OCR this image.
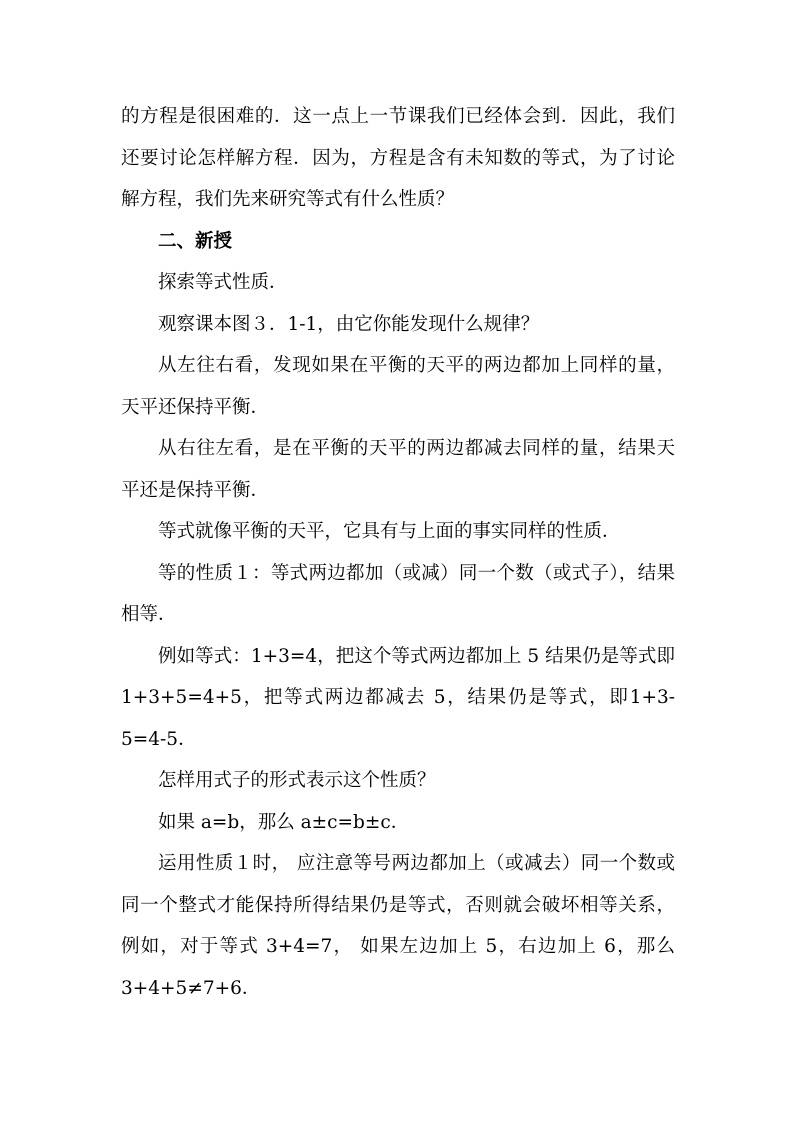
的方程是很困难的．这一点上一节课我们已经体会到．因此，我们还要讨论怎样解方程．因为，方程是含有未知数的等式，为了讨论解方程，我们先来研究等式有什么性质？

二、新授

探索等式性质．

观察课本图３．1-1，由它你能发现什么规律？

从左往右看，发现如果在平衡的天平的两边都加上同样的量，天平还保持平衡．

从右往左看，是在平衡的天平的两边都减去同样的量，结果天平还是保持平衡．

等式就像平衡的天平，它具有与上面的事实同样的性质．

等的性质１：等式两边都加（或减）同一个数（或式子），结果相等．

例如等式：1+3=4，把这个等式两边都加上 5 结果仍是等式即 1+3+5=4+5，把等式两边都减去 5，结果仍是等式，即1+3-5=4-5．

怎样用式子的形式表示这个性质？

如果 a=b，那么 a±c=b±c．

运用性质１时， 应注意等号两边都加上（或减去）同一个数或同一个整式才能保持所得结果仍是等式，否则就会破坏相等关系，例如，对于等式 3+4=7， 如果左边加上 5，右边加上 6，那么 3+4+5≠7+6．
